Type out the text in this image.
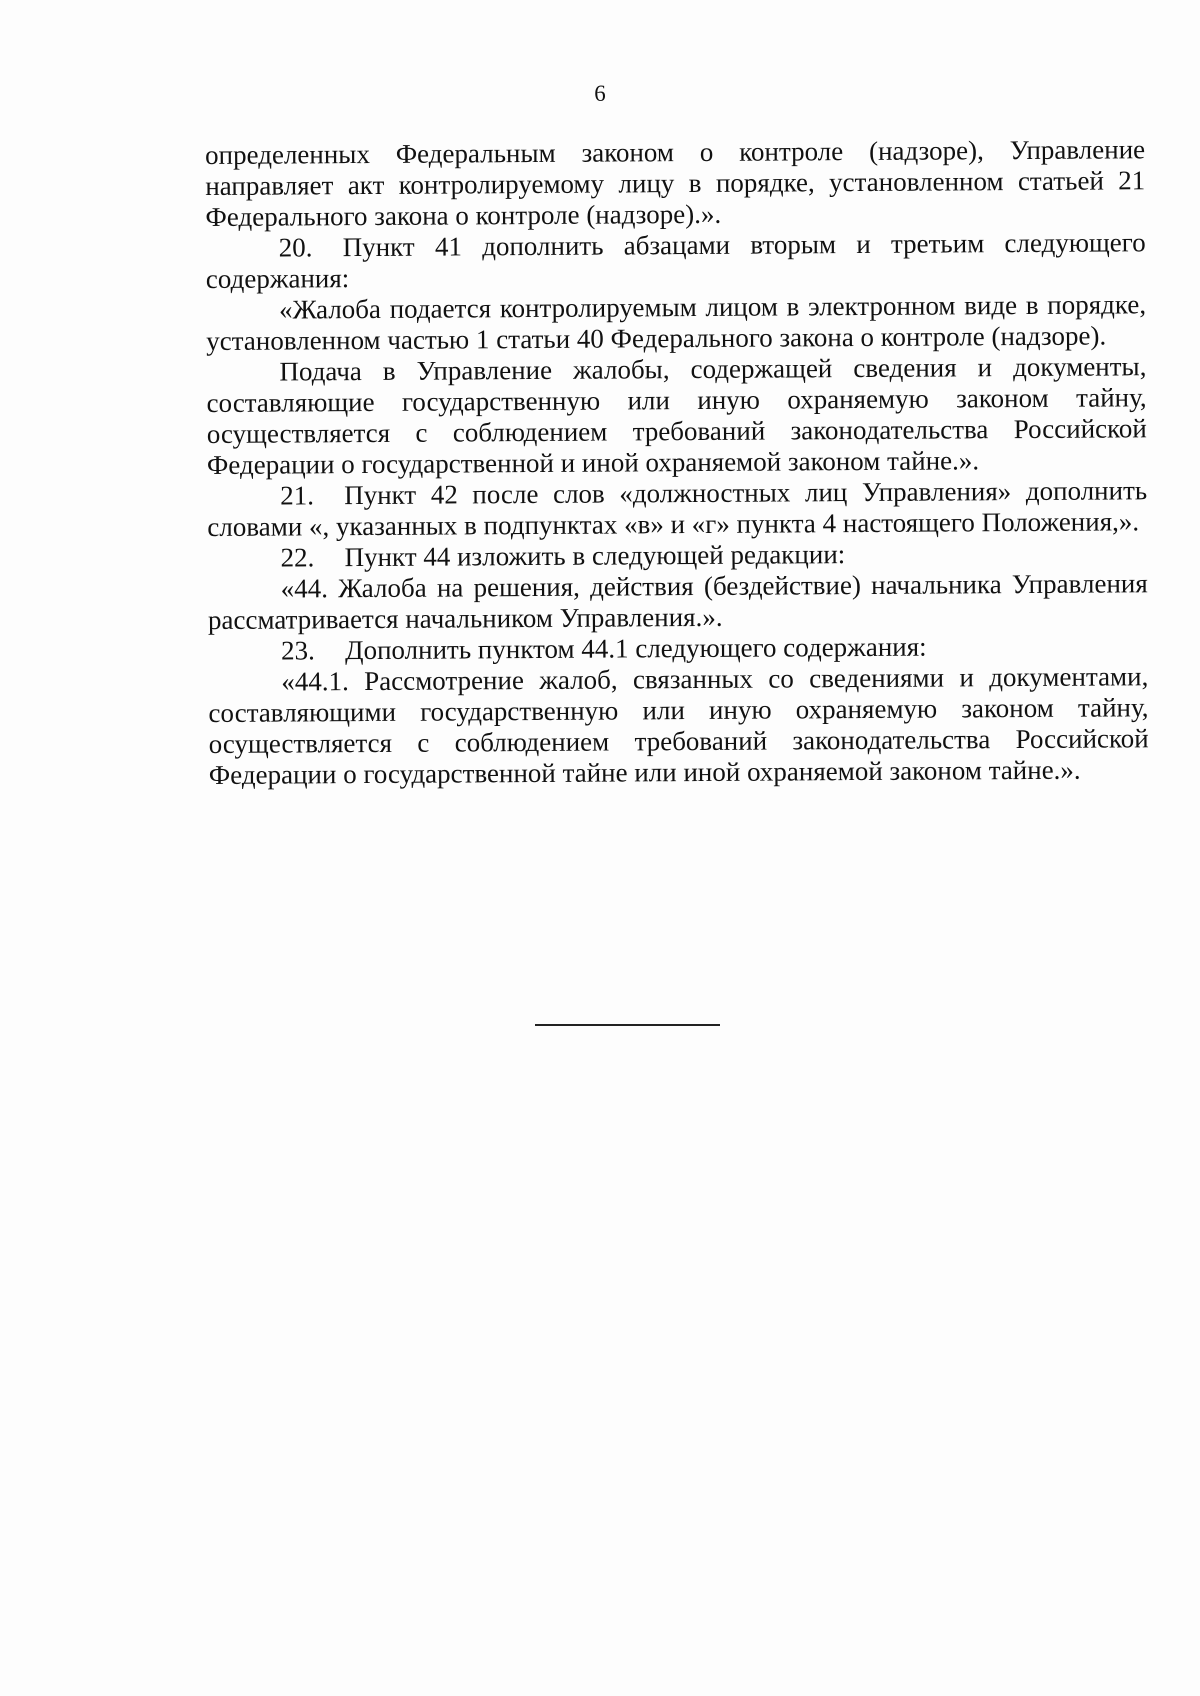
6

определенных Федеральным законом о контроле (надзоре), Управление направляет акт контролируемому лицу в порядке, установленном статьей 21 Федерального закона о контроле (надзоре).».

20. Пункт 41 дополнить абзацами вторым и третьим следующего содержания:

«Жалоба подается контролируемым лицом в электронном виде в порядке, установленном частью 1 статьи 40 Федерального закона о контроле (надзоре).

Подача в Управление жалобы, содержащей сведения и документы, составляющие государственную или иную охраняемую законом тайну, осуществляется с соблюдением требований законодательства Российской Федерации о государственной и иной охраняемой законом тайне.».

21. Пункт 42 после слов «должностных лиц Управления» дополнить словами «, указанных в подпунктах «в» и «г» пункта 4 настоящего Положения,».

22. Пункт 44 изложить в следующей редакции:

«44. Жалоба на решения, действия (бездействие) начальника Управления рассматривается начальником Управления.».

23. Дополнить пунктом 44.1 следующего содержания:

«44.1. Рассмотрение жалоб, связанных со сведениями и документами, составляющими государственную или иную охраняемую законом тайну, осуществляется с соблюдением требований законодательства Российской Федерации о государственной тайне или иной охраняемой законом тайне.».
